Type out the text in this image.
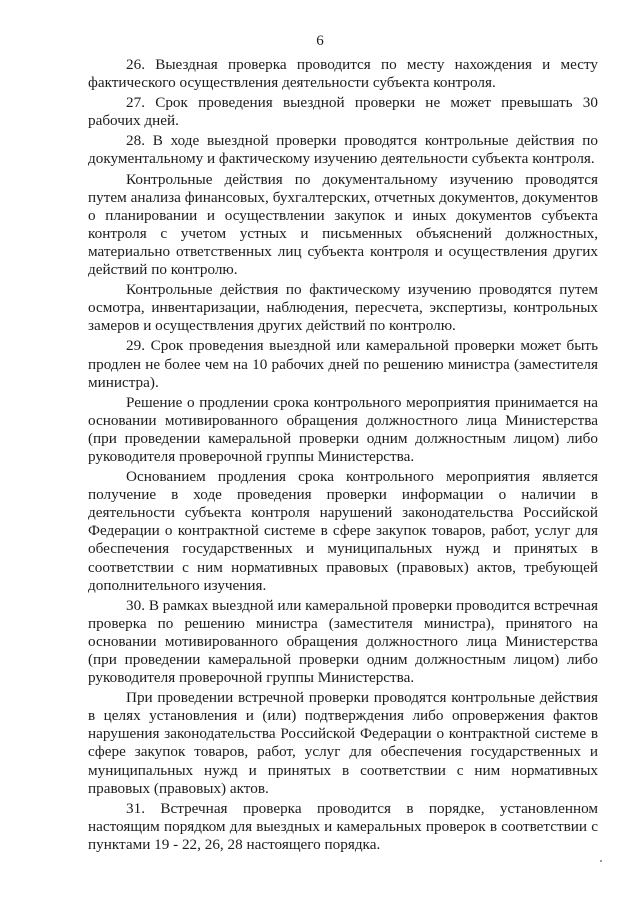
6

26. Выездная проверка проводится по месту нахождения и месту фактического осуществления деятельности субъекта контроля.

27. Срок проведения выездной проверки не может превышать 30 рабочих дней.

28. В ходе выездной проверки проводятся контрольные действия по документальному и фактическому изучению деятельности субъекта контроля.

Контрольные действия по документальному изучению проводятся путем анализа финансовых, бухгалтерских, отчетных документов, документов о планировании и осуществлении закупок и иных документов субъекта контроля с учетом устных и письменных объяснений должностных, материально ответственных лиц субъекта контроля и осуществления других действий по контролю.

Контрольные действия по фактическому изучению проводятся путем осмотра, инвентаризации, наблюдения, пересчета, экспертизы, контрольных замеров и осуществления других действий по контролю.

29. Срок проведения выездной или камеральной проверки может быть продлен не более чем на 10 рабочих дней по решению министра (заместителя министра).

Решение о продлении срока контрольного мероприятия принимается на основании мотивированного обращения должностного лица Министерства (при проведении камеральной проверки одним должностным лицом) либо руководителя проверочной группы Министерства.

Основанием продления срока контрольного мероприятия является получение в ходе проведения проверки информации о наличии в деятельности субъекта контроля нарушений законодательства Российской Федерации о контрактной системе в сфере закупок товаров, работ, услуг для обеспечения государственных и муниципальных нужд и принятых в соответствии с ним нормативных правовых (правовых) актов, требующей дополнительного изучения.

30. В рамках выездной или камеральной проверки проводится встречная проверка по решению министра (заместителя министра), принятого на основании мотивированного обращения должностного лица Министерства (при проведении камеральной проверки одним должностным лицом) либо руководителя проверочной группы Министерства.

При проведении встречной проверки проводятся контрольные действия в целях установления и (или) подтверждения либо опровержения фактов нарушения законодательства Российской Федерации о контрактной системе в сфере закупок товаров, работ, услуг для обеспечения государственных и муниципальных нужд и принятых в соответствии с ним нормативных правовых (правовых) актов.

31. Встречная проверка проводится в порядке, установленном настоящим порядком для выездных и камеральных проверок в соответствии с пунктами 19 - 22, 26, 28 настоящего порядка.
